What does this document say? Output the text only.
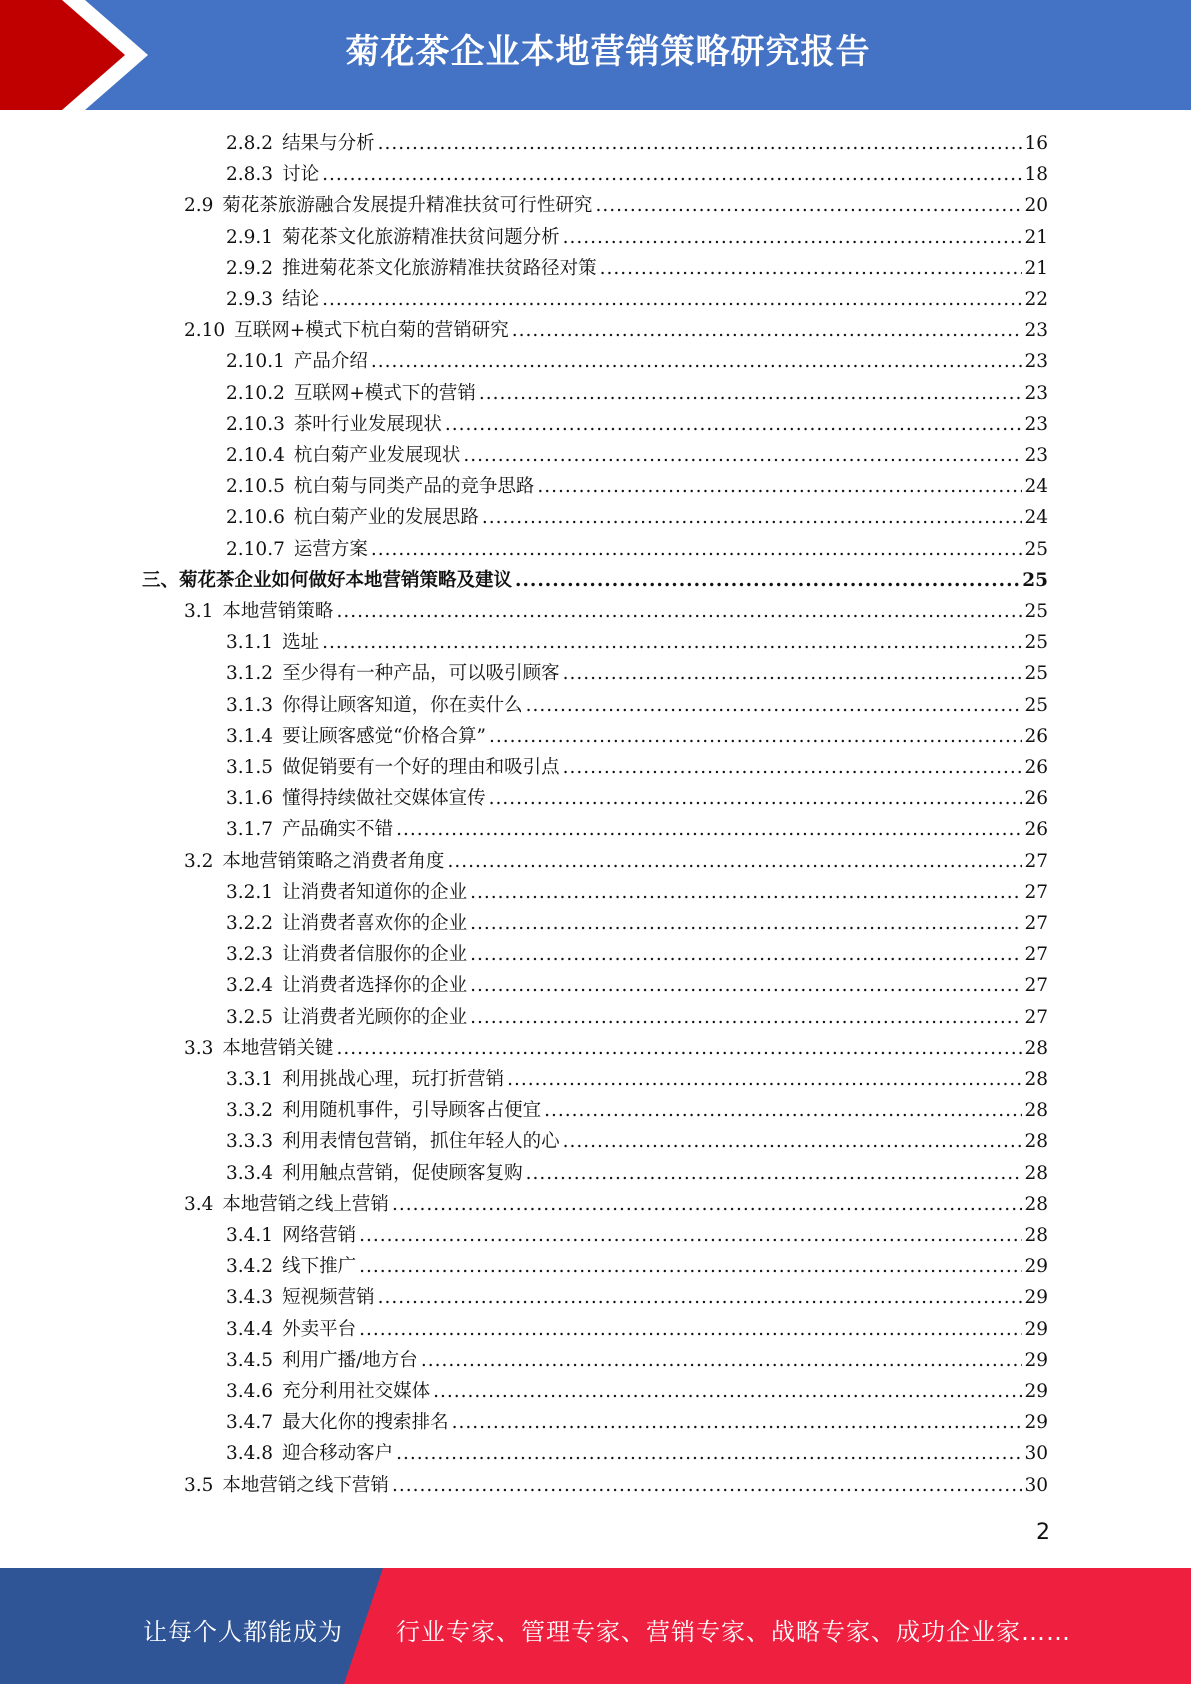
菊花茶企业本地营销策略研究报告
2.8.2 结果与分析 .....	16
2.8.3 讨论 .....	18
2.9 菊花茶旅游融合发展提升精准扶贫可行性研究 .....	20
2.9.1 菊花茶文化旅游精准扶贫问题分析 .....	21
2.9.2 推进菊花茶文化旅游精准扶贫路径对策 .....	21
2.9.3 结论 .....	22
2.10 互联网+模式下杭白菊的营销研究 .....	23
2.10.1 产品介绍 .....	23
2.10.2 互联网+模式下的营销 .....	23
2.10.3 茶叶行业发展现状 .....	23
2.10.4 杭白菊产业发展现状 .....	23
2.10.5 杭白菊与同类产品的竞争思路 .....	24
2.10.6 杭白菊产业的发展思路 .....	24
2.10.7 运营方案 .....	25
三、菊花茶企业如何做好本地营销策略及建议 .....	25
3.1 本地营销策略 .....	25
3.1.1 选址 .....	25
3.1.2 至少得有一种产品，可以吸引顾客 .....	25
3.1.3 你得让顾客知道，你在卖什么 .....	25
3.1.4 要让顾客感觉“价格合算” .....	26
3.1.5 做促销要有一个好的理由和吸引点 .....	26
3.1.6 懂得持续做社交媒体宣传 .....	26
3.1.7 产品确实不错 .....	26
3.2 本地营销策略之消费者角度 .....	27
3.2.1 让消费者知道你的企业 .....	27
3.2.2 让消费者喜欢你的企业 .....	27
3.2.3 让消费者信服你的企业 .....	27
3.2.4 让消费者选择你的企业 .....	27
3.2.5 让消费者光顾你的企业 .....	27
3.3 本地营销关键 .....	28
3.3.1 利用挑战心理，玩打折营销 .....	28
3.3.2 利用随机事件，引导顾客占便宜 .....	28
3.3.3 利用表情包营销，抓住年轻人的心 .....	28
3.3.4 利用触点营销，促使顾客复购 .....	28
3.4 本地营销之线上营销 .....	28
3.4.1 网络营销 .....	28
3.4.2 线下推广 .....	29
3.4.3 短视频营销 .....	29
3.4.4 外卖平台 .....	29
3.4.5 利用广播/地方台 .....	29
3.4.6 充分利用社交媒体 .....	29
3.4.7 最大化你的搜索排名 .....	29
3.4.8 迎合移动客户 .....	30
3.5 本地营销之线下营销 .....	30
2
让每个人都能成为 行业专家、管理专家、营销专家、战略专家、成功企业家……
